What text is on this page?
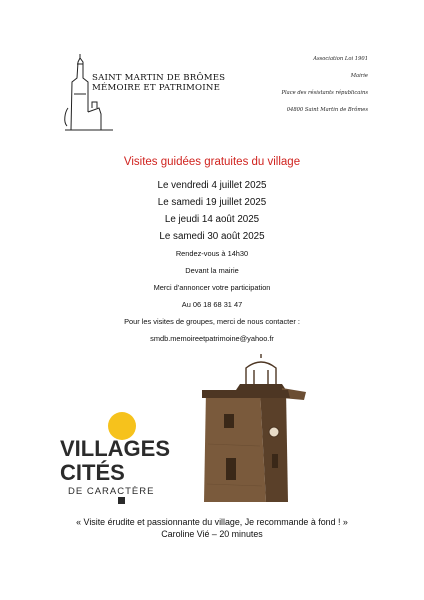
SAINT MARTIN DE BRÔMES
MÉMOIRE ET PATRIMOINE
Association Loi 1901
Mairie
Place des résistants républicains
04800 Saint Martin de Brômes
Visites guidées gratuites du village
Le vendredi 4 juillet 2025
Le samedi 19 juillet 2025
Le jeudi 14 août 2025
Le samedi 30 août 2025
Rendez-vous à 14h30
Devant la mairie
Merci d'annoncer votre participation
Au 06 18 68 31 47
Pour les visites de groupes, merci de nous contacter :
smdb.memoireetpatrimoine@yahoo.fr
VILLAGES
CITÉS
DE CARACTÈRE
« Visite érudite et passionnante du village, Je recommande à fond ! »
Caroline Vié – 20 minutes
